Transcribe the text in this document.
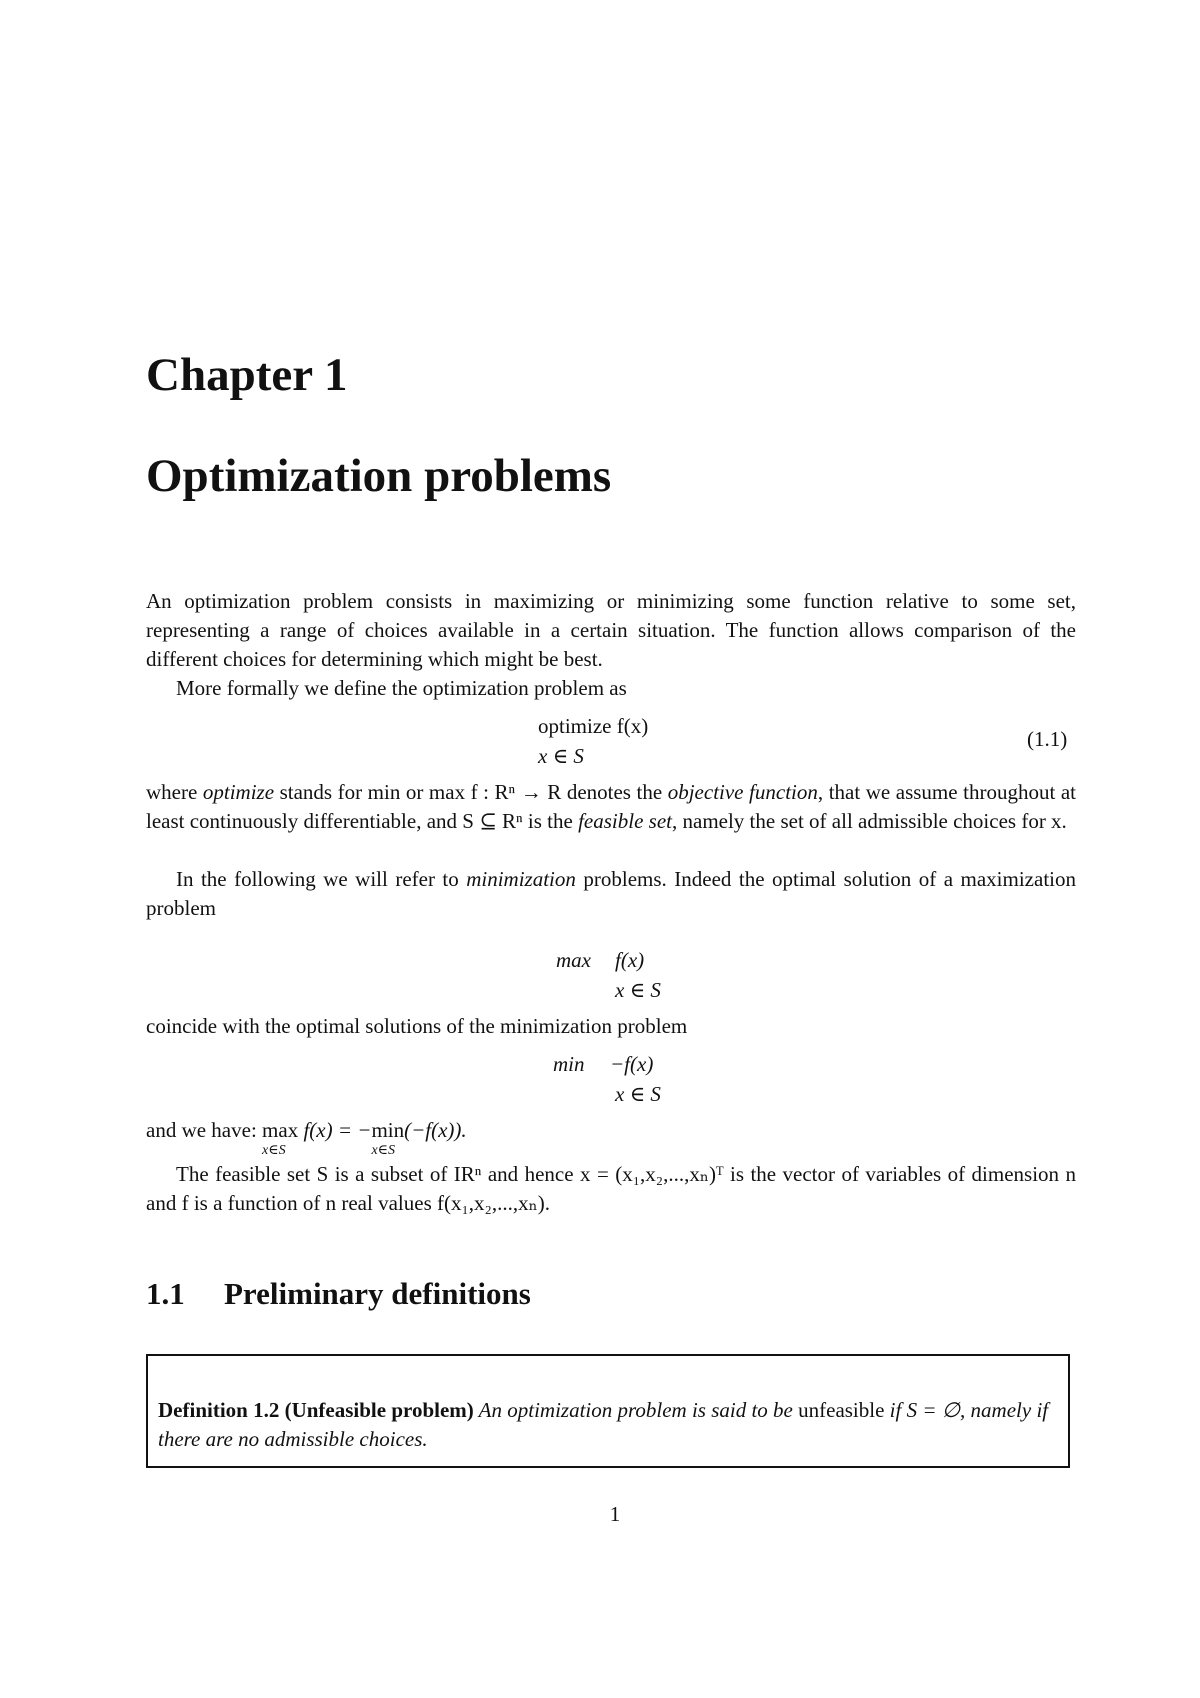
Chapter 1
Optimization problems
An optimization problem consists in maximizing or minimizing some function relative to some set, representing a range of choices available in a certain situation. The function allows comparison of the different choices for determining which might be best.
More formally we define the optimization problem as
optimize f(x)
x ∈ S
(1.1)
where optimize stands for min or max f : Rⁿ → R denotes the objective function, that we assume throughout at least continuously differentiable, and S ⊆ Rⁿ is the feasible set, namely the set of all admissible choices for x.
In the following we will refer to minimization problems. Indeed the optimal solution of a maximization problem
max f(x)
x ∈ S
coincide with the optimal solutions of the minimization problem
min −f(x)
x ∈ S
and we have: max
x∈S
f(x) = −min
x∈S
(−f(x)).
The feasible set S is a subset of IRⁿ and hence x = (x₁,x₂,...,xₙ)ᵀ is the vector of variables of dimension n and f is a function of n real values f(x₁,x₂,...,xₙ).
1.1 Preliminary definitions
Definition 1.2 (Unfeasible problem) An optimization problem is said to be unfeasible if S = ∅, namely if there are no admissible choices.
1
